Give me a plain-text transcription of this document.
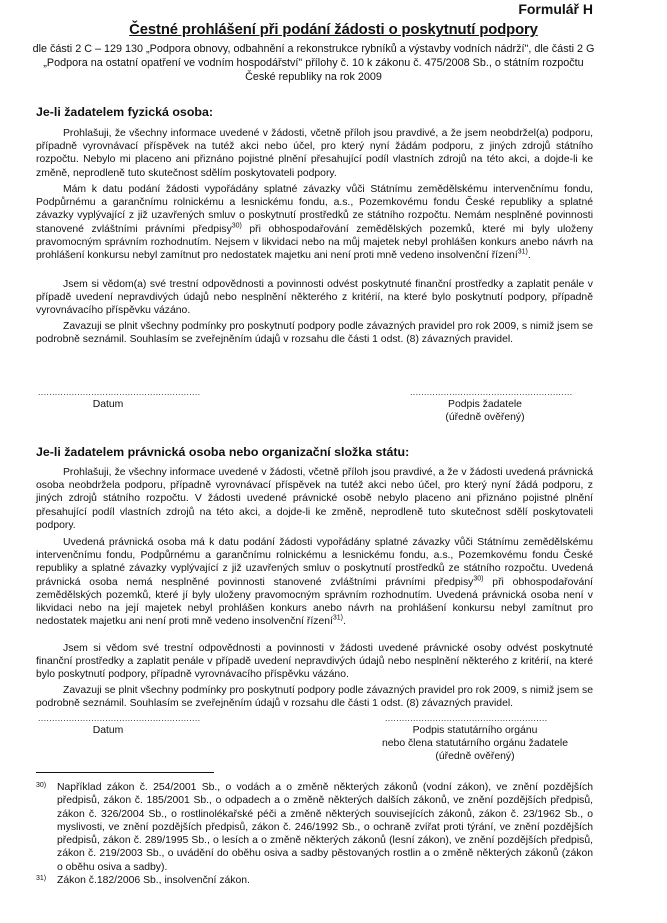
Formulář H
Čestné prohlášení při podání žádosti o poskytnutí podpory
dle části 2 C – 129 130 „Podpora obnovy, odbahnění a rekonstrukce rybníků a výstavby vodních nádrží", dle části 2 G „Podpora na ostatní opatření ve vodním hospodářství" přílohy č. 10 k zákonu č. 475/2008 Sb., o státním rozpočtu České republiky na rok 2009
Je-li žadatelem fyzická osoba:
Prohlašuji, že všechny informace uvedené v žádosti, včetně příloh jsou pravdivé, a že jsem neobdržel(a) podporu, případně vyrovnávací příspěvek na tutéž akci nebo účel, pro který nyní žádám podporu, z jiných zdrojů státního rozpočtu. Nebylo mi placeno ani přiznáno pojistné plnění přesahující podíl vlastních zdrojů na této akci, a dojde-li ke změně, neprodleně tuto skutečnost sdělím poskytovateli podpory.
Mám k datu podání žádosti vypořádány splatné závazky vůči Státnímu zemědělskému intervenčnímu fondu, Podpůrnému a garančnímu rolnickému a lesnickému fondu, a.s., Pozemkovému fondu České republiky a splatné závazky vyplývající z již uzavřených smluv o poskytnutí prostředků ze státního rozpočtu. Nemám nesplněné povinnosti stanovené zvláštními právními předpisy$^{30)}$ při obhospodařování zemědělských pozemků, které mi byly uloženy pravomocným správním rozhodnutím. Nejsem v likvidaci nebo na můj majetek nebyl prohlášen konkurs anebo návrh na prohlášení konkursu nebyl zamítnut pro nedostatek majetku ani není proti mně vedeno insolvenční řízení$^{31)}$.
Jsem si vědom(a) své trestní odpovědnosti a povinnosti odvést poskytnuté finanční prostředky a zaplatit penále v případě uvedení nepravdivých údajů nebo nesplnění některého z kritérií, na které bylo poskytnutí podpory, případně vyrovnávacího příspěvku vázáno.
Zavazuji se plnit všechny podmínky pro poskytnutí podpory podle závazných pravidel pro rok 2009, s nimiž jsem se podrobně seznámil. Souhlasím se zveřejněním údajů v rozsahu dle části 1 odst. (8) závazných pravidel.
..........................................................
Datum
..........................................................
Podpis žadatele
(úředně ověřený)
Je-li žadatelem právnická osoba nebo organizační složka státu:
Prohlašuji, že všechny informace uvedené v žádosti, včetně příloh jsou pravdivé, a že v žádosti uvedená právnická osoba neobdržela podporu, případně vyrovnávací příspěvek na tutéž akci nebo účel, pro který nyní žádá podporu, z jiných zdrojů státního rozpočtu. V žádosti uvedené právnické osobě nebylo placeno ani přiznáno pojistné plnění přesahující podíl vlastních zdrojů na této akci, a dojde-li ke změně, neprodleně tuto skutečnost sdělí poskytovateli podpory.
Uvedená právnická osoba má k datu podání žádosti vypořádány splatné závazky vůči Státnímu zemědělskému intervenčnímu fondu, Podpůrnému a garančnímu rolnickému a lesnickému fondu, a.s., Pozemkovému fondu České republiky a splatné závazky vyplývající z již uzavřených smluv o poskytnutí prostředků ze státního rozpočtu. Uvedená právnická osoba nemá nesplněné povinnosti stanovené zvláštními právními předpisy$^{30)}$ při obhospodařování zemědělských pozemků, které jí byly uloženy pravomocným správním rozhodnutím. Uvedená právnická osoba není v likvidaci nebo na její majetek nebyl prohlášen konkurs anebo návrh na prohlášení konkursu nebyl zamítnut pro nedostatek majetku ani není proti mně vedeno insolvenční řízení$^{31)}$.
Jsem si vědom své trestní odpovědnosti a povinnosti v žádosti uvedené právnické osoby odvést poskytnuté finanční prostředky a zaplatit penále v případě uvedení nepravdivých údajů nebo nesplnění některého z kritérií, na které bylo poskytnutí podpory, případně vyrovnávacího příspěvku vázáno.
Zavazuji se plnit všechny podmínky pro poskytnutí podpory podle závazných pravidel pro rok 2009, s nimiž jsem se podrobně seznámil. Souhlasím se zveřejněním údajů v rozsahu dle části 1 odst. (8) závazných pravidel.
..........................................................
Datum
..........................................................
Podpis statutárního orgánu
nebo člena statutárního orgánu žadatele
(úředně ověřený)
30) Například zákon č. 254/2001 Sb., o vodách a o změně některých zákonů (vodní zákon), ve znění pozdějších předpisů, zákon č. 185/2001 Sb., o odpadech a o změně některých dalších zákonů, ve znění pozdějších předpisů, zákon č. 326/2004 Sb., o rostlinolékařské péči a změně některých souvisejících zákonů, zákon č. 23/1962 Sb., o myslivosti, ve znění pozdějších předpisů, zákon č. 246/1992 Sb., o ochraně zvířat proti týrání, ve znění pozdějších předpisů, zákon č. 289/1995 Sb., o lesích a o změně některých zákonů (lesní zákon), ve znění pozdějších předpisů, zákon č. 219/2003 Sb., o uvádění do oběhu osiva a sadby pěstovaných rostlin a o změně některých zákonů (zákon o oběhu osiva a sadby).
31) Zákon č.182/2006 Sb., insolvenční zákon.
